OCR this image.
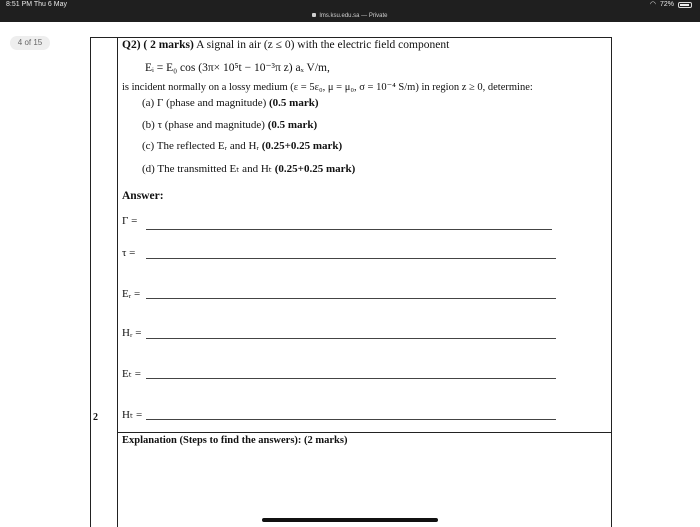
8:51 PM Thu 6 May	◠ 72%
lms.ksu.edu.sa — Private
4 of 15
2
Q2) ( 2 marks) A signal in air (z ≤ 0) with the electric field component
Eᵢ = E₀ cos (3π× 10⁵t − 10⁻³π z) aₓ V/m,
is incident normally on a lossy medium (ε = 5ε₀, μ = μ₀, σ = 10⁻⁴ S/m) in region z ≥ 0, determine:
(a) Γ (phase and magnitude) (0.5 mark)
(b) τ (phase and magnitude) (0.5 mark)
(c) The reflected Eᵣ and Hᵣ (0.25+0.25 mark)
(d) The transmitted Eₜ and Hₜ (0.25+0.25 mark)
Answer:
Γ =
τ =
Eᵣ =
Hᵣ =
Eₜ =
Hₜ =
Explanation (Steps to find the answers): (2 marks)
